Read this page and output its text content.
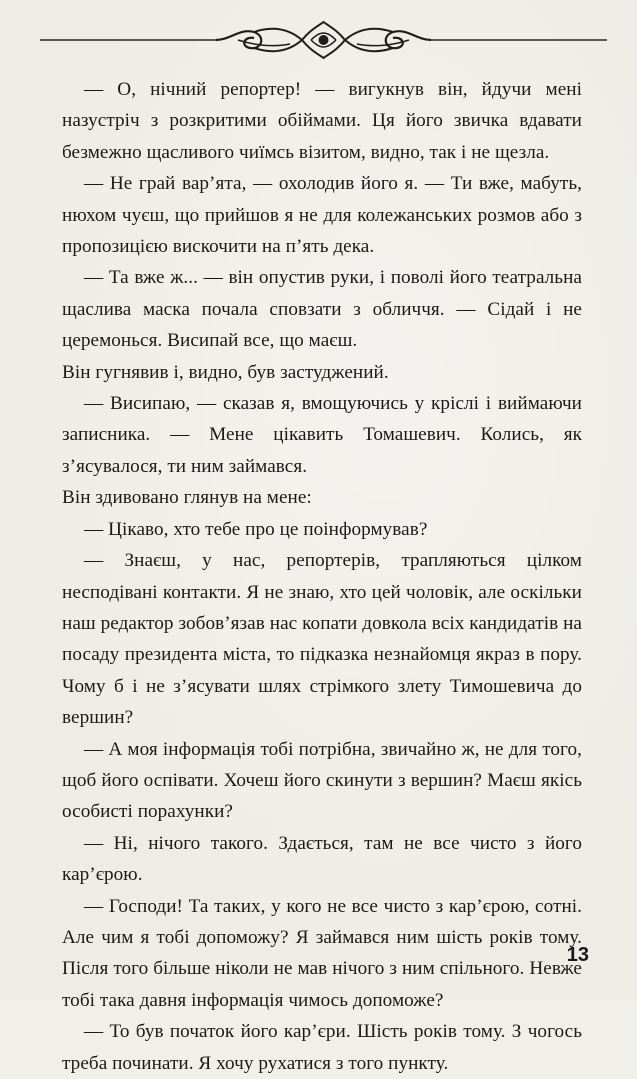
— О, нічний репортер! — вигукнув він, йдучи мені назустріч з розкритими обіймами. Ця його звичка вдавати безмежно щасливого чиїмсь візитом, видно, так і не щезла.

— Не грай вар’ята, — охолодив його я. — Ти вже, мабуть, нюхом чуєш, що прийшов я не для колежанських розмов або з пропозицією вискочити на п’ять дека.

— Та вже ж... — він опустив руки, і поволі його театральна щаслива маска почала сповзати з обличчя. — Сідай і не церемонься. Висипай все, що маєш.

Він гугнявив і, видно, був застуджений.

— Висипаю, — сказав я, вмощуючись у кріслі і виймаючи записника. — Мене цікавить Томашевич. Колись, як з’ясувалося, ти ним займався.

Він здивовано глянув на мене:

— Цікаво, хто тебе про це поінформував?

— Знаєш, у нас, репортерів, трапляються цілком несподівані контакти. Я не знаю, хто цей чоловік, але оскільки наш редактор зобов’язав нас копати довкола всіх кандидатів на посаду президента міста, то підказка незнайомця якраз в пору. Чому б і не з’ясувати шлях стрімкого злету Тимошевича до вершин?

— А моя інформація тобі потрібна, звичайно ж, не для того, щоб його оспівати. Хочеш його скинути з вершин? Маєш якісь особисті порахунки?

— Ні, нічого такого. Здається, там не все чисто з його кар’єрою.

— Господи! Та таких, у кого не все чисто з кар’єрою, сотні. Але чим я тобі допоможу? Я займався ним шість років тому. Після того більше ніколи не мав нічого з ним спільного. Невже тобі така давня інформація чимось допоможе?

— То був початок його кар’єри. Шість років тому. З чогось треба починати. Я хочу рухатися з того пункту.

13
